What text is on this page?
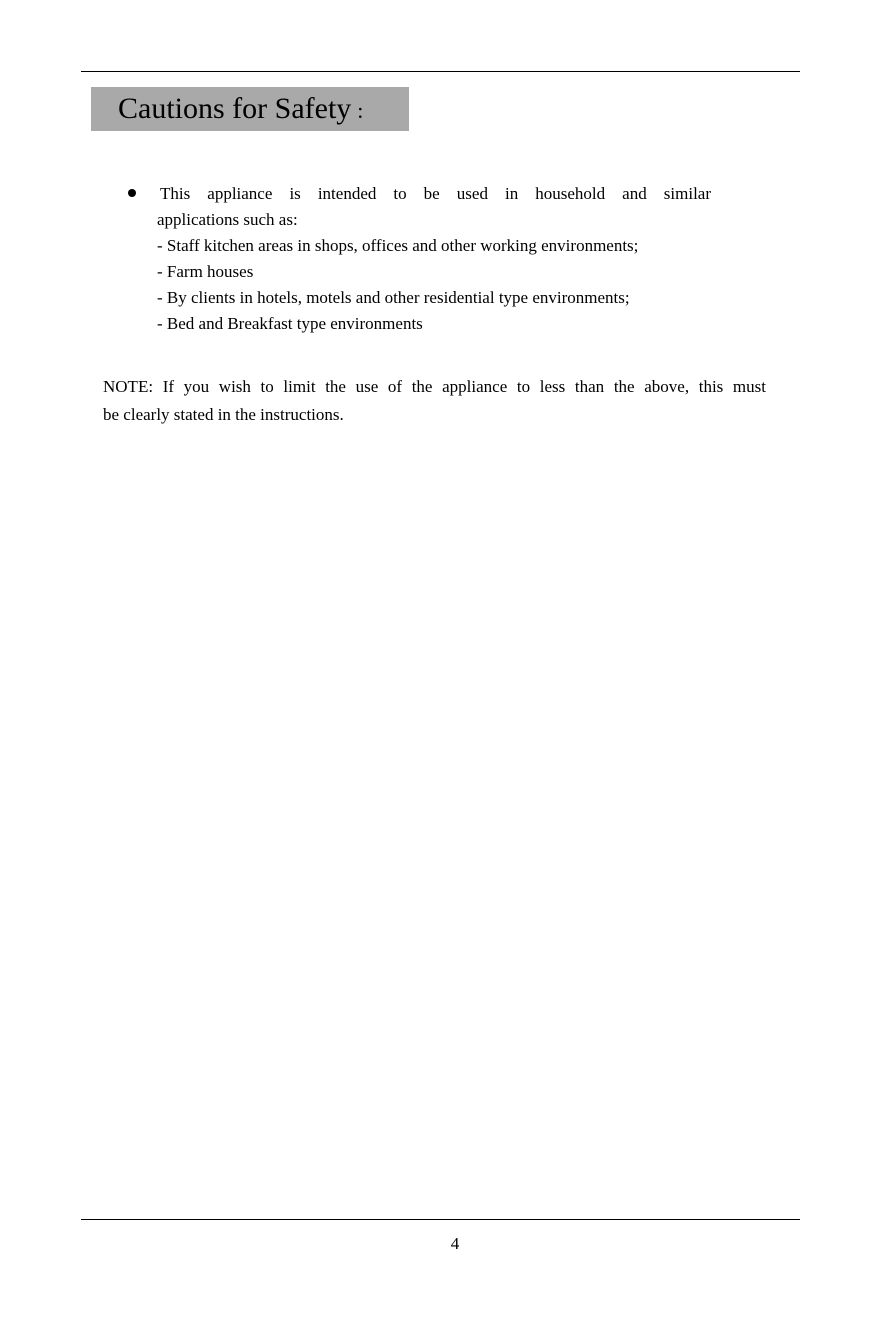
Cautions for Safety :
This appliance is intended to be used in household and similar
applications such as:
- Staff kitchen areas in shops, offices and other working environments;
- Farm houses
- By clients in hotels, motels and other residential type environments;
- Bed and Breakfast type environments
NOTE: If you wish to limit the use of the appliance to less than the above, this must
be clearly stated in the instructions.
4
